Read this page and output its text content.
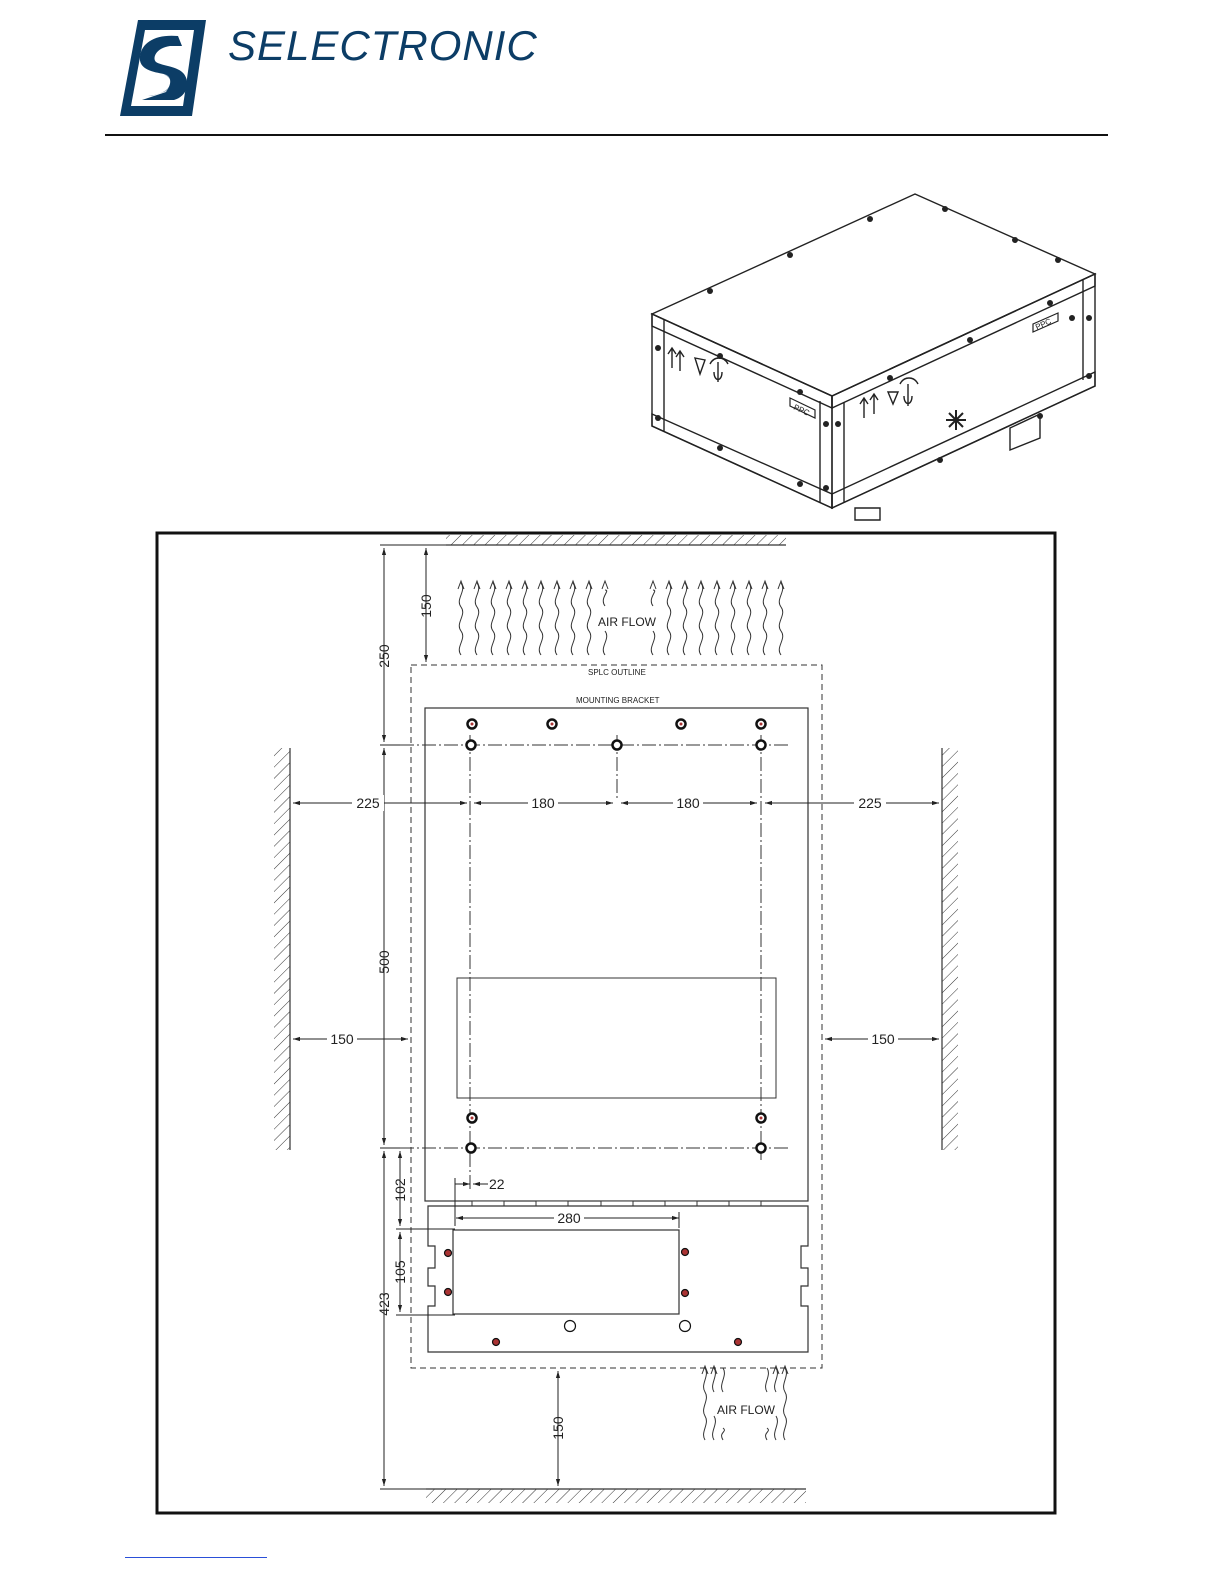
SELECTRONIC
PPC
PPC
AIR FLOW
AIR FLOW
SPLC OUTLINE
MOUNTING BRACKET
150
250
500
225	180	180	225
150	150
22
102
280
105
423
150
